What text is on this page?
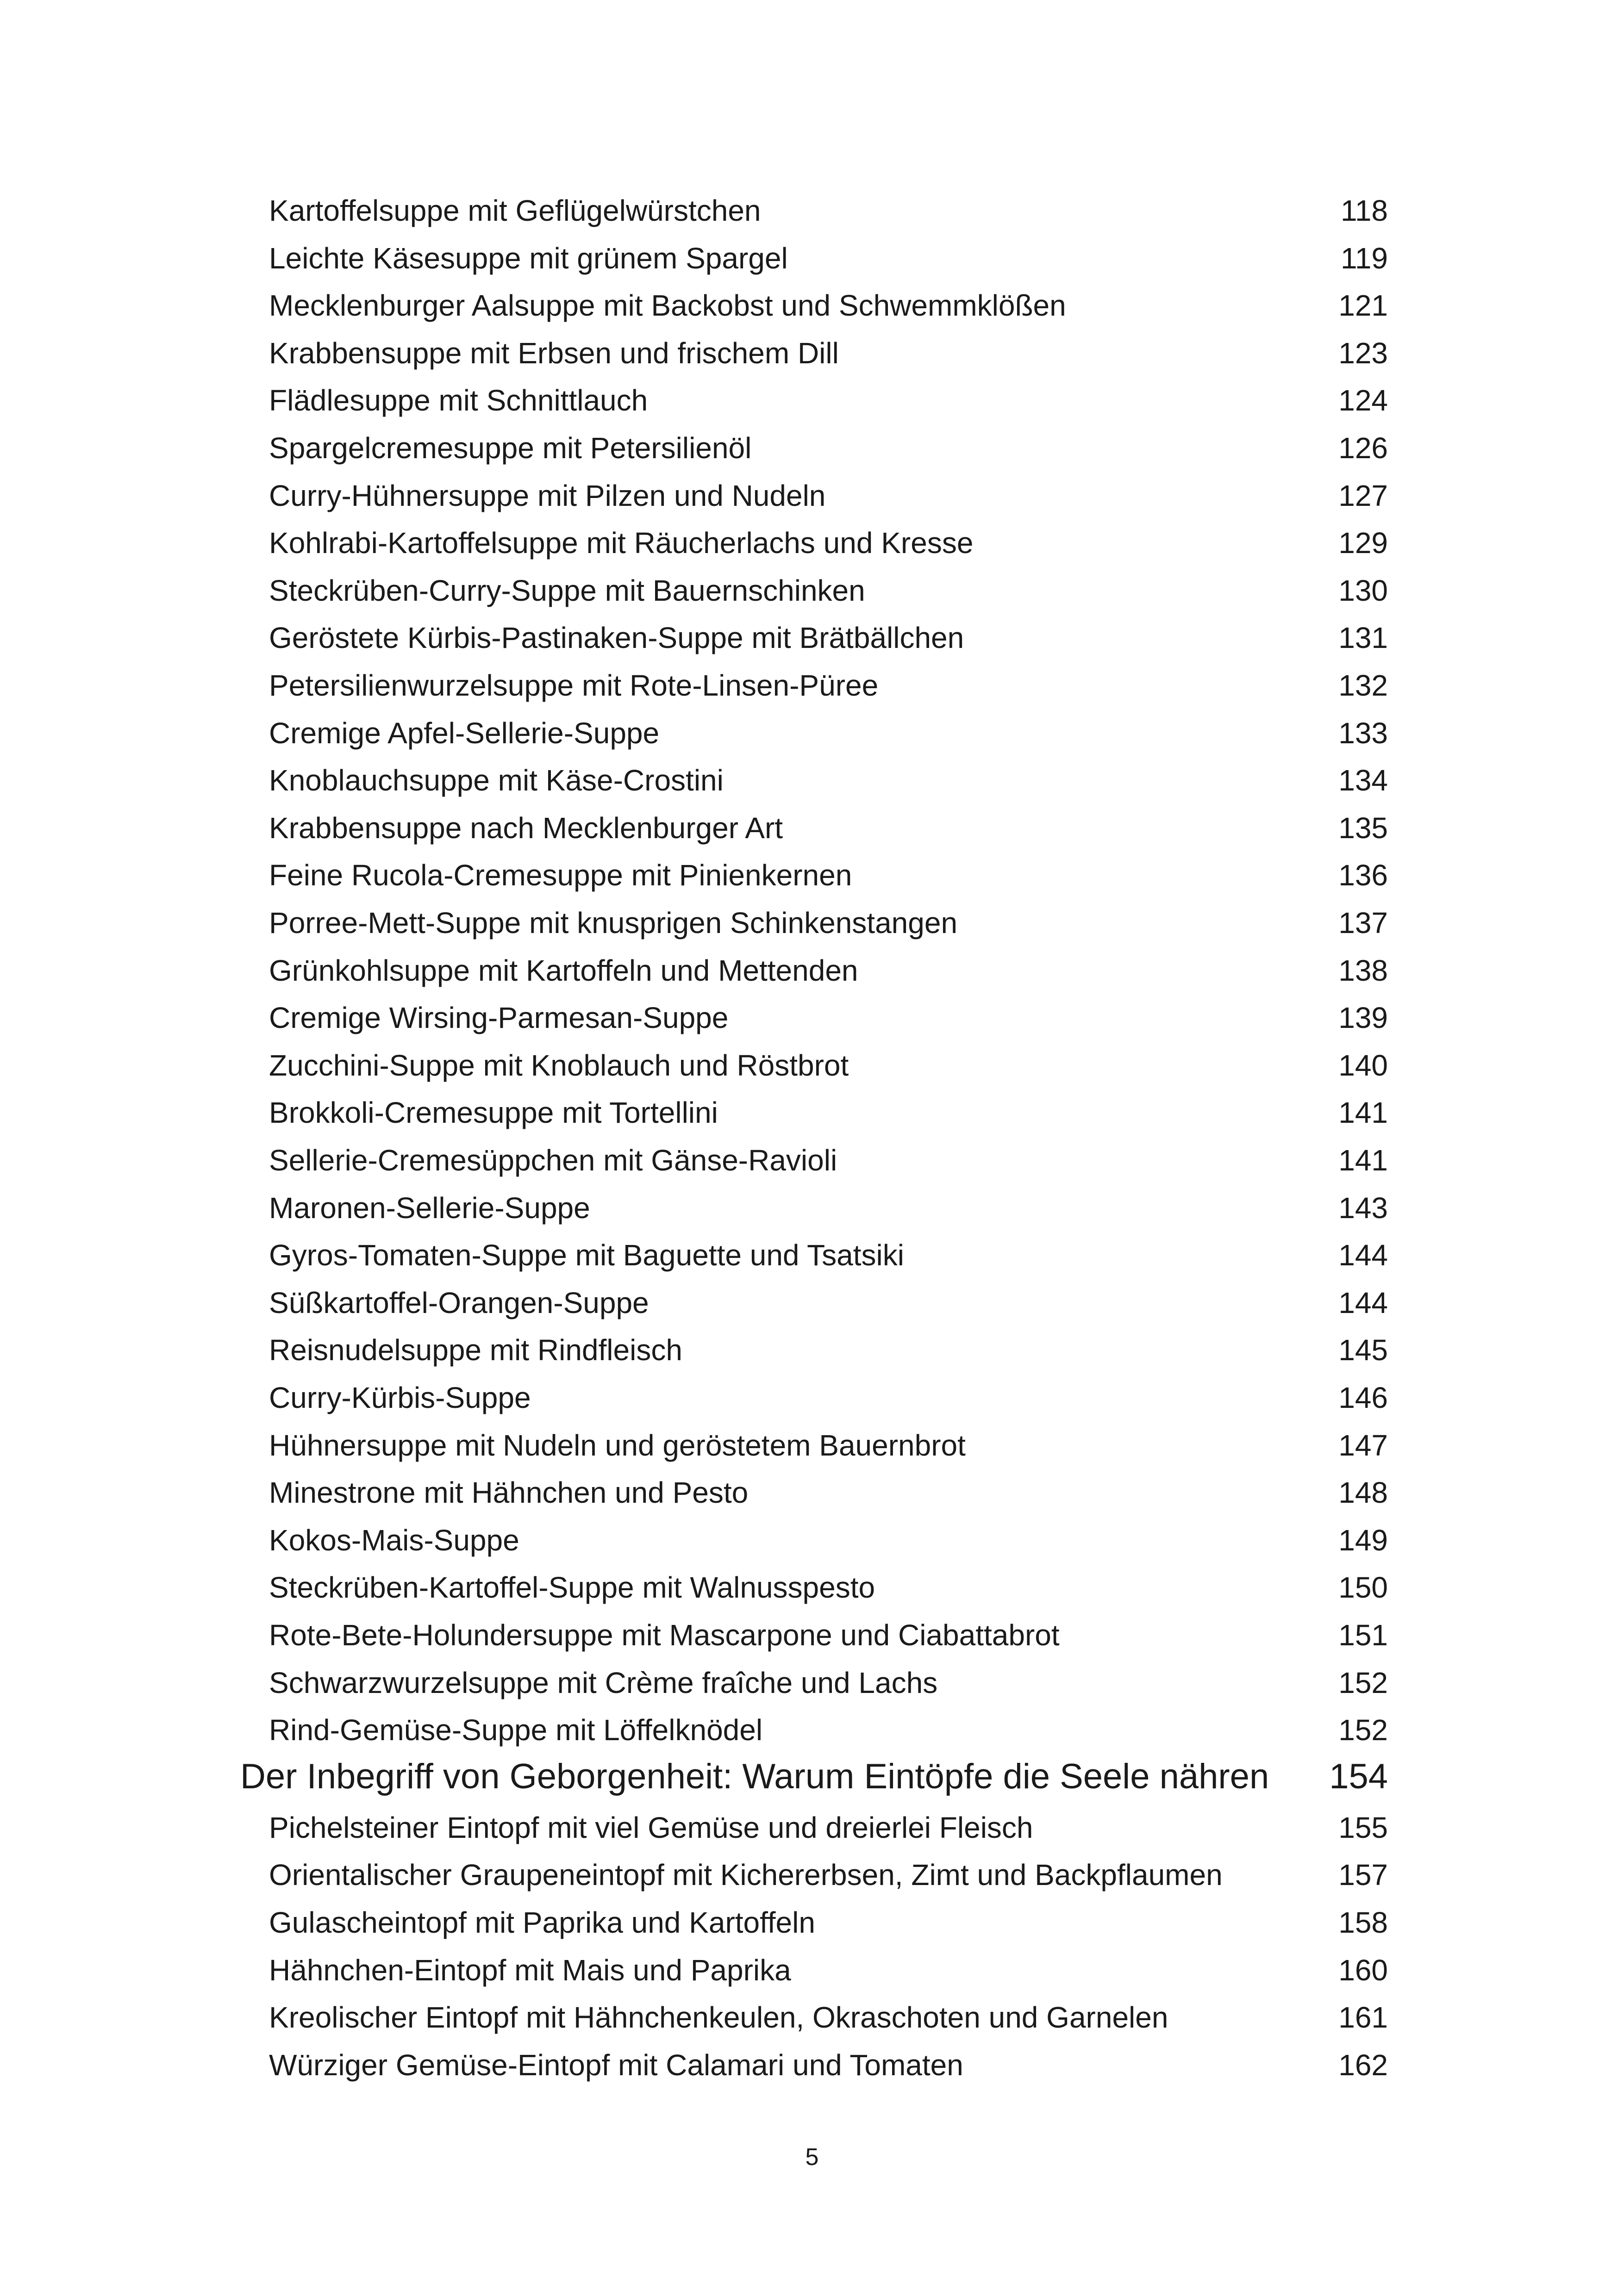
Kartoffelsuppe mit Geflügelwürstchen	118
Leichte Käsesuppe mit grünem Spargel	119
Mecklenburger Aalsuppe mit Backobst und Schwemmklößen	121
Krabbensuppe mit Erbsen und frischem Dill	123
Flädlesuppe mit Schnittlauch	124
Spargelcremesuppe mit Petersilienöl	126
Curry-Hühnersuppe mit Pilzen und Nudeln	127
Kohlrabi-Kartoffelsuppe mit Räucherlachs und Kresse	129
Steckrüben-Curry-Suppe mit Bauernschinken	130
Geröstete Kürbis-Pastinaken-Suppe mit Brätbällchen	131
Petersilienwurzelsuppe mit Rote-Linsen-Püree	132
Cremige Apfel-Sellerie-Suppe	133
Knoblauchsuppe mit Käse-Crostini	134
Krabbensuppe nach Mecklenburger Art	135
Feine Rucola-Cremesuppe mit Pinienkernen	136
Porree-Mett-Suppe mit knusprigen Schinkenstangen	137
Grünkohlsuppe mit Kartoffeln und Mettenden	138
Cremige Wirsing-Parmesan-Suppe	139
Zucchini-Suppe mit Knoblauch und Röstbrot	140
Brokkoli-Cremesuppe mit Tortellini	141
Sellerie-Cremesüppchen mit Gänse-Ravioli	141
Maronen-Sellerie-Suppe	143
Gyros-Tomaten-Suppe mit Baguette und Tsatsiki	144
Süßkartoffel-Orangen-Suppe	144
Reisnudelsuppe mit Rindfleisch	145
Curry-Kürbis-Suppe	146
Hühnersuppe mit Nudeln und geröstetem Bauernbrot	147
Minestrone mit Hähnchen und Pesto	148
Kokos-Mais-Suppe	149
Steckrüben-Kartoffel-Suppe mit Walnusspesto	150
Rote-Bete-Holundersuppe mit Mascarpone und Ciabattabrot	151
Schwarzwurzelsuppe mit Crème fraîche und Lachs	152
Rind-Gemüse-Suppe mit Löffelknödel	152
Der Inbegriff von Geborgenheit: Warum Eintöpfe die Seele nähren 154
Pichelsteiner Eintopf mit viel Gemüse und dreierlei Fleisch	155
Orientalischer Graupeneintopf mit Kichererbsen, Zimt und Backpflaumen	157
Gulascheintopf mit Paprika und Kartoffeln	158
Hähnchen-Eintopf mit Mais und Paprika	160
Kreolischer Eintopf mit Hähnchenkeulen, Okraschoten und Garnelen	161
Würziger Gemüse-Eintopf mit Calamari und Tomaten	162
5
